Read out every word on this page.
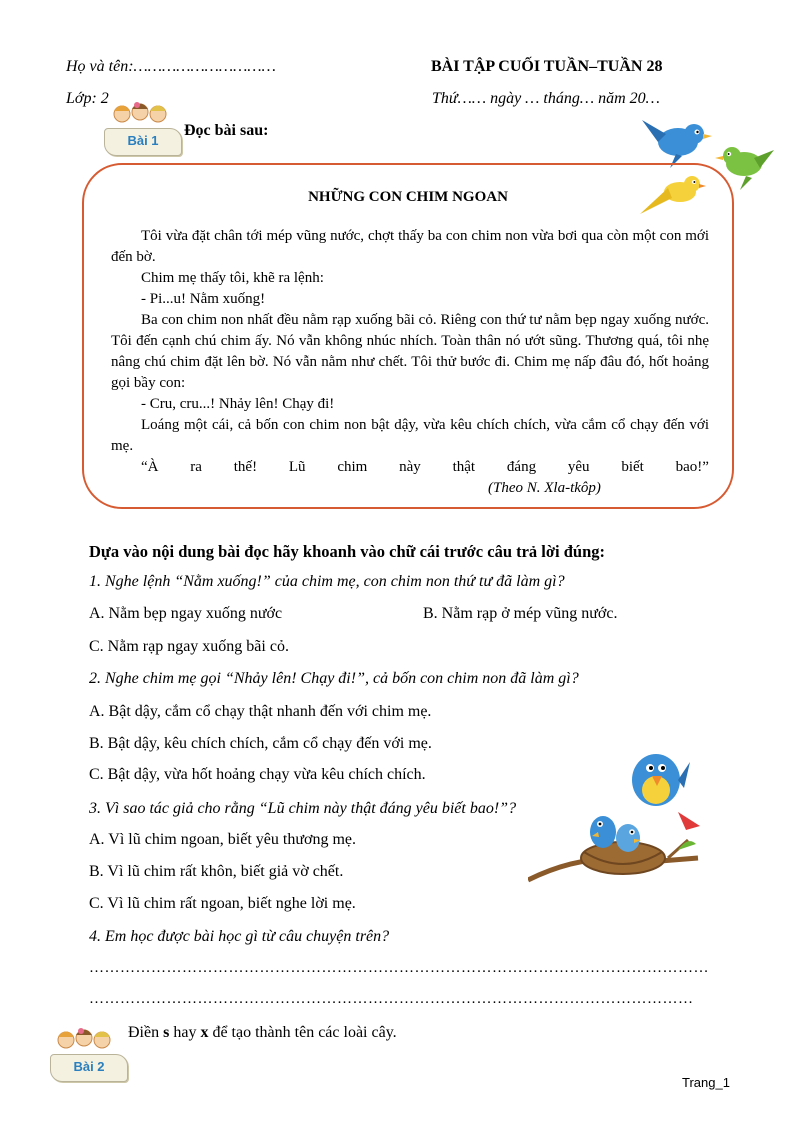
Họ và tên:…………………………	BÀI TẬP CUỐI TUẦN–TUẦN 28
Lớp: 2	Thứ…… ngày … tháng… năm 20…
Bài 1
Đọc bài sau:
NHỮNG CON CHIM NGOAN

Tôi vừa đặt chân tới mép vũng nước, chợt thấy ba con chim non vừa bơi qua còn một con mới đến bờ.

Chim mẹ thấy tôi, khẽ ra lệnh:

- Pi...u! Nằm xuống!

Ba con chim non nhất đều nằm rạp xuống bãi cỏ. Riêng con thứ tư nằm bẹp ngay xuống nước. Tôi đến cạnh chú chim ấy. Nó vẫn không nhúc nhích. Toàn thân nó ướt sũng. Thương quá, tôi nhẹ nâng chú chim đặt lên bờ. Nó vẫn nằm như chết. Tôi thử bước đi. Chim mẹ nấp đâu đó, hốt hoảng gọi bầy con:

- Cru, cru...! Nhảy lên! Chạy đi!

Loáng một cái, cả bốn con chim non bật dậy, vừa kêu chích chích, vừa cắm cổ chạy đến với mẹ.

“À ra thế! Lũ chim này thật đáng yêu biết bao!”
(Theo N. Xla-tkôp)
Dựa vào nội dung bài đọc hãy khoanh vào chữ cái trước câu trả lời đúng:
1. Nghe lệnh “Nằm xuống!” của chim mẹ, con chim non thứ tư đã làm gì?
A. Nằm bẹp ngay xuống nước	B. Nằm rạp ở mép vũng nước.
C. Nằm rạp ngay xuống bãi cỏ.
2. Nghe chim mẹ gọi “Nhảy lên! Chạy đi!”, cả bốn con chim non đã làm gì?
A. Bật dậy, cắm cổ chạy thật nhanh đến với chim mẹ.
B. Bật dậy, kêu chích chích, cắm cổ chạy đến với mẹ.
C. Bật dậy, vừa hốt hoảng chạy vừa kêu chích chích.
3. Vì sao tác giả cho rằng “Lũ chim này thật đáng yêu biết bao!”?
A. Vì lũ chim ngoan, biết yêu thương mẹ.
B. Vì lũ chim rất khôn, biết giả vờ chết.
C. Vì lũ chim rất ngoan, biết nghe lời mẹ.
4. Em học được bài học gì từ câu chuyện trên?
…………………………………………………………………………………………………………
………………………………………………………………………………………………………
Bài 2
Điền s hay x để tạo thành tên các loài cây.
Trang_1
